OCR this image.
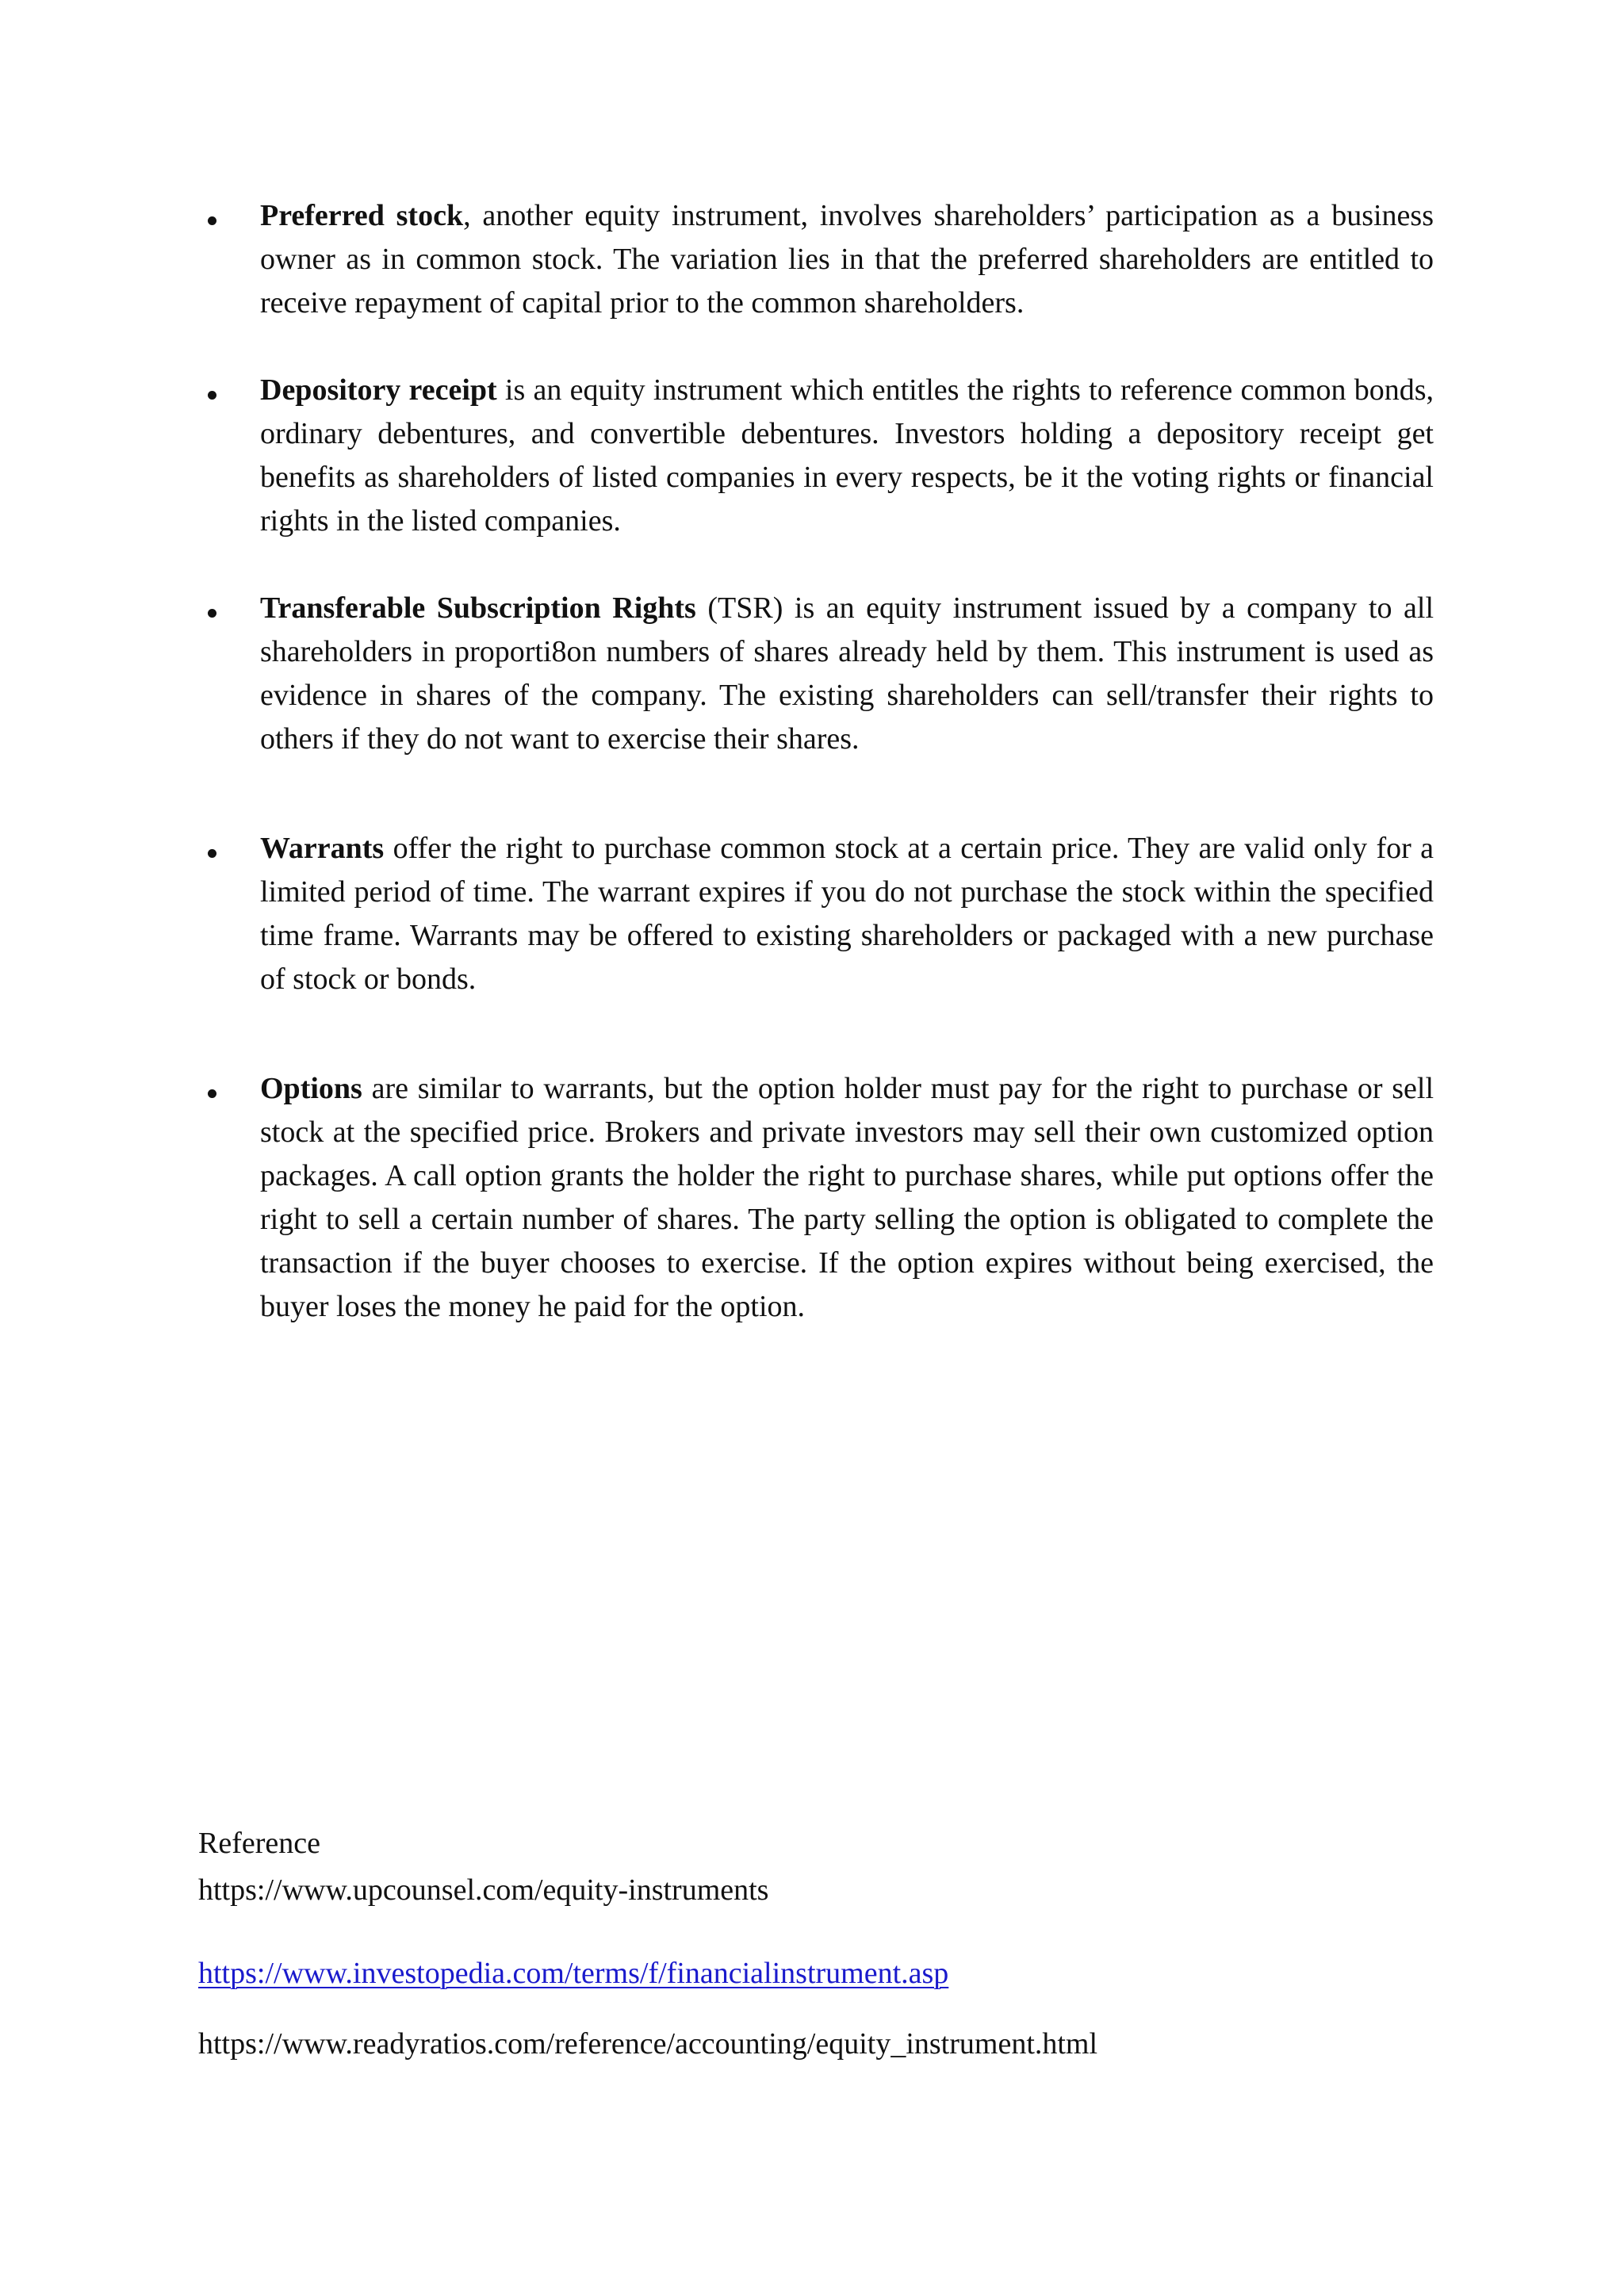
Preferred stock, another equity instrument, involves shareholders’ participation as a business owner as in common stock. The variation lies in that the preferred shareholders are entitled to receive repayment of capital prior to the common shareholders.
Depository receipt is an equity instrument which entitles the rights to reference common bonds, ordinary debentures, and convertible debentures. Investors holding a depository receipt get benefits as shareholders of listed companies in every respects, be it the voting rights or financial rights in the listed companies.
Transferable Subscription Rights (TSR) is an equity instrument issued by a company to all shareholders in proporti8on numbers of shares already held by them. This instrument is used as evidence in shares of the company. The existing shareholders can sell/transfer their rights to others if they do not want to exercise their shares.
Warrants offer the right to purchase common stock at a certain price. They are valid only for a limited period of time. The warrant expires if you do not purchase the stock within the specified time frame. Warrants may be offered to existing shareholders or packaged with a new purchase of stock or bonds.
Options are similar to warrants, but the option holder must pay for the right to purchase or sell stock at the specified price. Brokers and private investors may sell their own customized option packages. A call option grants the holder the right to purchase shares, while put options offer the right to sell a certain number of shares. The party selling the option is obligated to complete the transaction if the buyer chooses to exercise. If the option expires without being exercised, the buyer loses the money he paid for the option.
Reference
https://www.upcounsel.com/equity-instruments
https://www.investopedia.com/terms/f/financialinstrument.asp
https://www.readyratios.com/reference/accounting/equity_instrument.html
